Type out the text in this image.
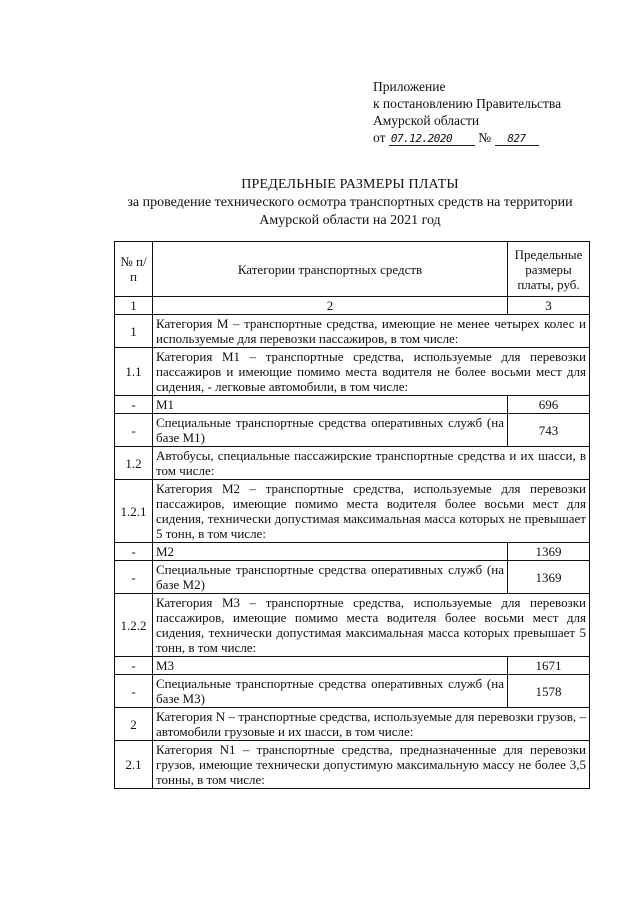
Приложение
к постановлению Правительства
Амурской области
от 07.12.2020 № 827
ПРЕДЕЛЬНЫЕ РАЗМЕРЫ ПЛАТЫ
за проведение технического осмотра транспортных средств на территории
Амурской области на 2021 год
№ п/п	Категории транспортных средств	Предельные размеры платы, руб.
1	2	3
1	Категория М – транспортные средства, имеющие не менее четырех колес и используемые для перевозки пассажиров, в том числе:	
1.1	Категория М1 – транспортные средства, используемые для перевозки пассажиров и имеющие помимо места водителя не более восьми мест для сидения, - легковые автомобили, в том числе:	
-	М1	696
-	Специальные транспортные средства оперативных служб (на базе М1)	743
1.2	Автобусы, специальные пассажирские транспортные средства и их шасси, в том числе:	
1.2.1	Категория М2 – транспортные средства, используемые для перевозки пассажиров, имеющие помимо места водителя более восьми мест для сидения, технически допустимая максимальная масса которых не превышает 5 тонн, в том числе:	
-	М2	1369
-	Специальные транспортные средства оперативных служб (на базе М2)	1369
1.2.2	Категория М3 – транспортные средства, используемые для перевозки пассажиров, имеющие помимо места водителя более восьми мест для сидения, технически допустимая максимальная масса которых превышает 5 тонн, в том числе:	
-	М3	1671
-	Специальные транспортные средства оперативных служб (на базе М3)	1578
2	Категория N – транспортные средства, используемые для перевозки грузов, – автомобили грузовые и их шасси, в том числе:	
2.1	Категория N1 – транспортные средства, предназначенные для перевозки грузов, имеющие технически допустимую максимальную массу не более 3,5 тонны, в том числе:	
